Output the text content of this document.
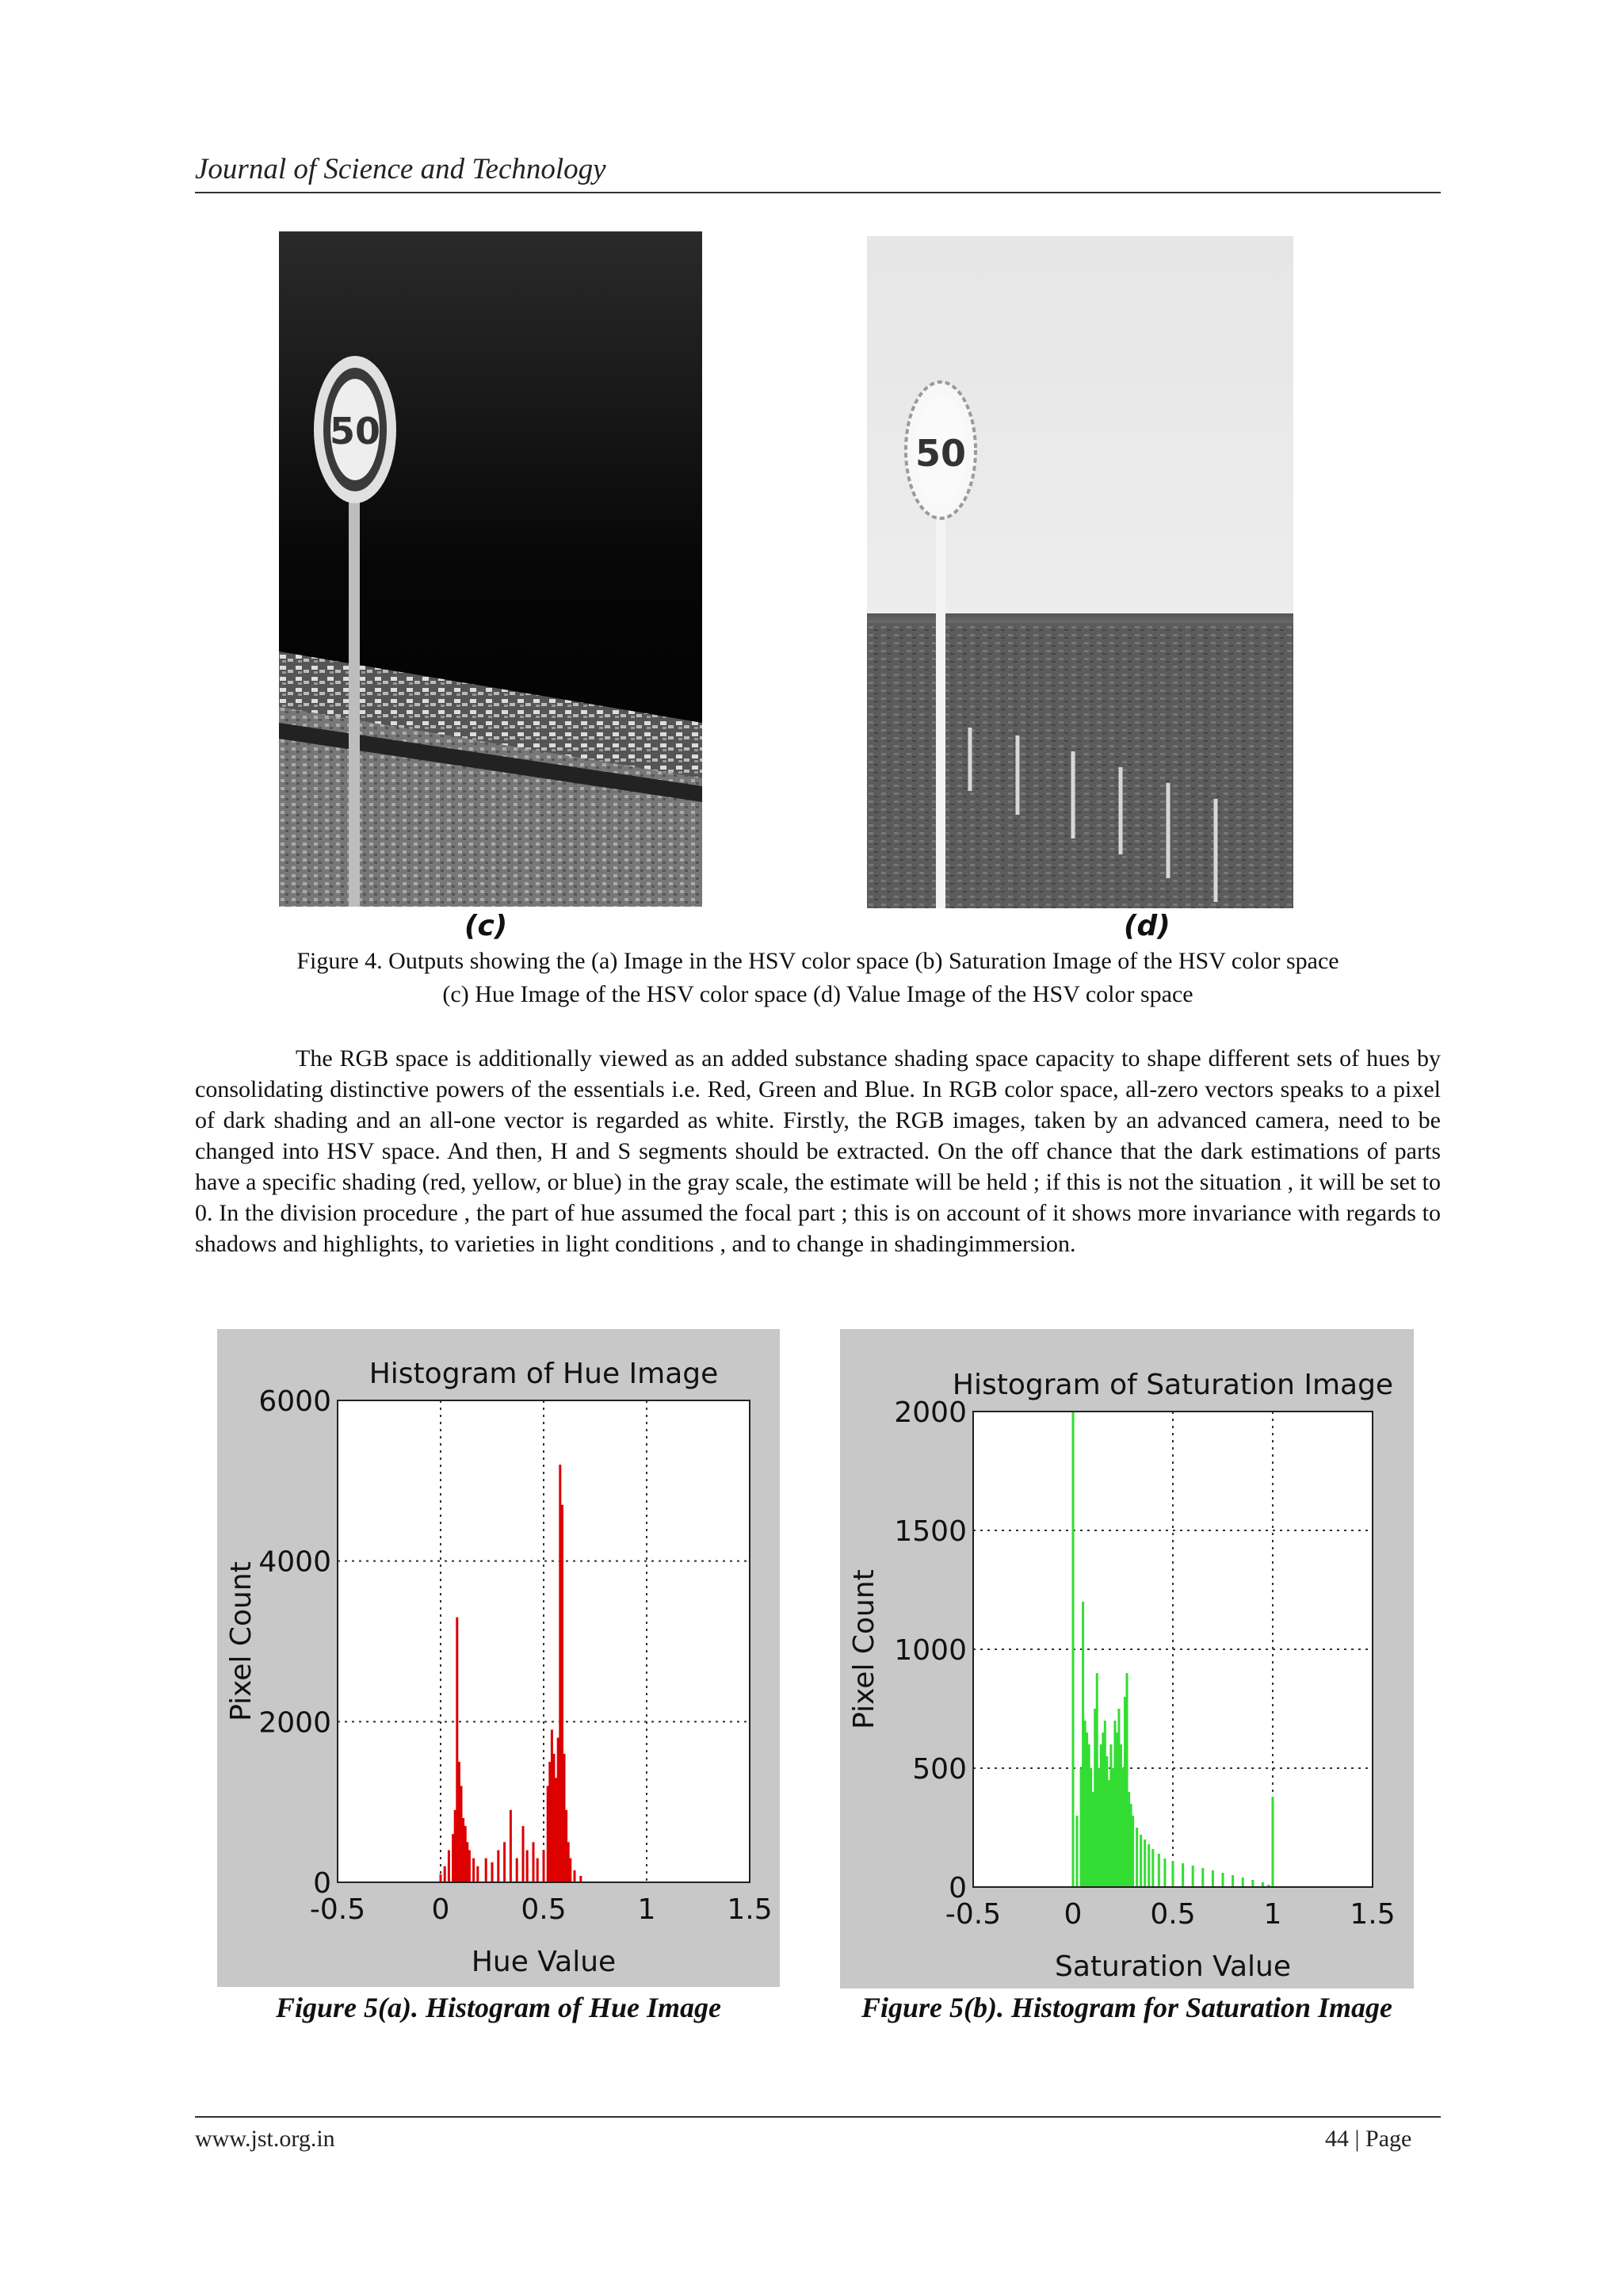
Journal of Science and Technology
50
50
(c)	(d)
Figure 4. Outputs showing the (a) Image in the HSV color space (b) Saturation Image of the HSV color space
(c) Hue Image of the HSV color space (d) Value Image of the HSV color space

The RGB space is additionally viewed as an added substance shading space capacity to shape different sets of hues by consolidating distinctive powers of the essentials i.e. Red, Green and Blue. In RGB color space, all-zero vectors speaks to a pixel of dark shading and an all-one vector is regarded as white. Firstly, the RGB images, taken by an advanced camera, need to be changed into HSV space. And then, H and S segments should be extracted. On the off chance that the dark estimations of parts have a specific shading (red, yellow, or blue) in the gray scale, the estimate will be held ; if this is not the situation , it will be set to 0. In the division procedure , the part of hue assumed the focal part ; this is on account of it shows more invariance with regards to shadows and highlights, to varieties in light conditions , and to change in shadingimmersion.

-0.5 0 0.5 1 1.5
0
2000
4000
6000
Histogram of Hue Image
Hue Value
Pixel Count
-0.5 0 0.5 1 1.5
0
500
1000
1500
2000
Histogram of Saturation Image
Saturation Value
Pixel Count
Figure 5(a). Histogram of Hue Image	Figure 5(b). Histogram for Saturation Image
www.jst.org.in	44 | Page
